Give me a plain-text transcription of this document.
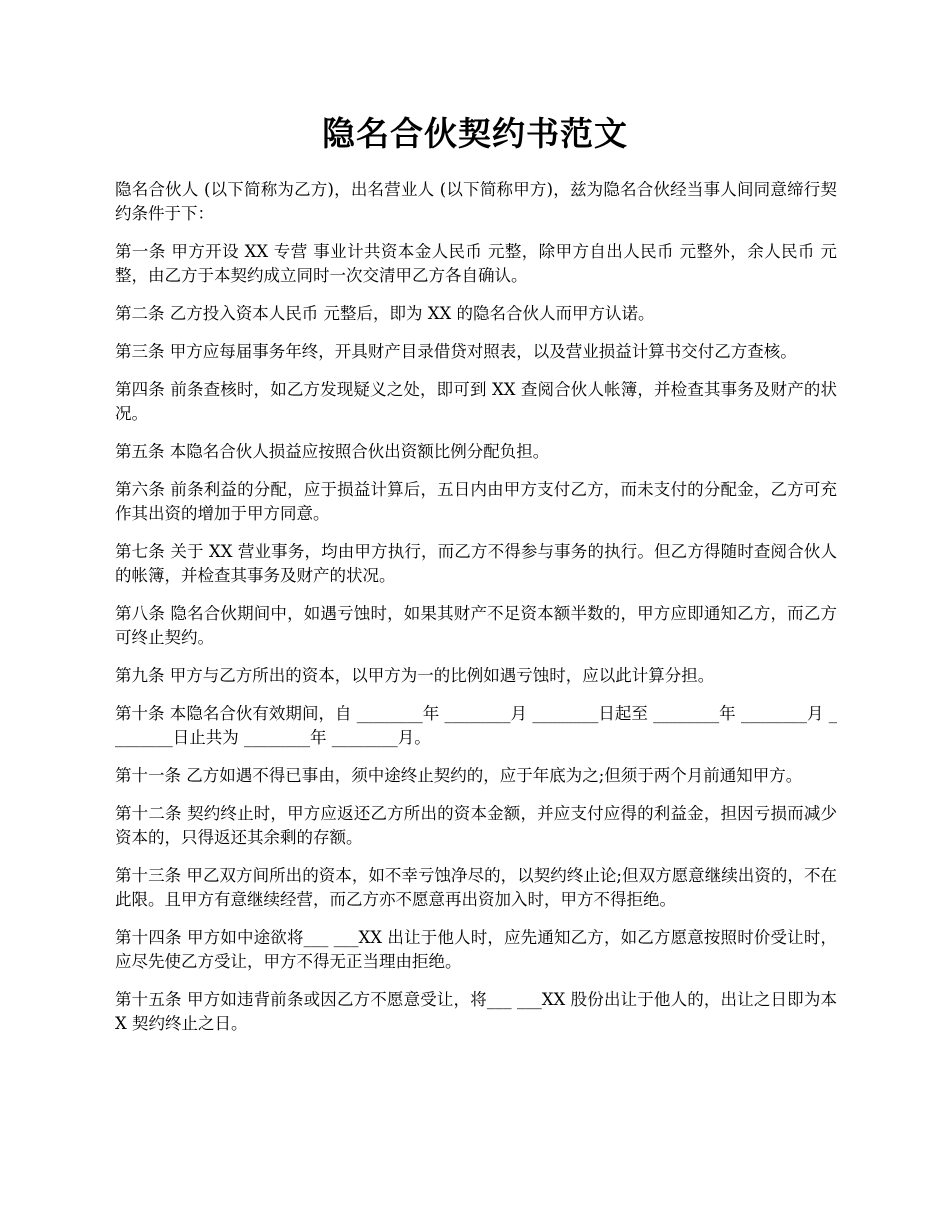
隐名合伙契约书范文

隐名合伙人 (以下简称为乙方)，出名营业人 (以下简称甲方)，兹为隐名合伙经当事人间同意缔行契约条件于下：

第一条 甲方开设 XX 专营 事业计共资本金人民币 元整，除甲方自出人民币 元整外，余人民币 元整，由乙方于本契约成立同时一次交清甲乙方各自确认。

第二条 乙方投入资本人民币 元整后，即为 XX 的隐名合伙人而甲方认诺。

第三条 甲方应每届事务年终，开具财产目录借贷对照表，以及营业损益计算书交付乙方查核。

第四条 前条查核时，如乙方发现疑义之处，即可到 XX 查阅合伙人帐簿，并检查其事务及财产的状况。

第五条 本隐名合伙人损益应按照合伙出资额比例分配负担。

第六条 前条利益的分配，应于损益计算后，五日内由甲方支付乙方，而未支付的分配金，乙方可充作其出资的增加于甲方同意。

第七条 关于 XX 营业事务，均由甲方执行，而乙方不得参与事务的执行。但乙方得随时查阅合伙人的帐簿，并检查其事务及财产的状况。

第八条 隐名合伙期间中，如遇亏蚀时，如果其财产不足资本额半数的，甲方应即通知乙方，而乙方可终止契约。

第九条 甲方与乙方所出的资本，以甲方为一的比例如遇亏蚀时，应以此计算分担。

第十条 本隐名合伙有效期间，自 ________年 ________月 ________日起至 ________年 ________月 ________日止共为 ________年 ________月。

第十一条 乙方如遇不得已事由，须中途终止契约的，应于年底为之;但须于两个月前通知甲方。

第十二条 契约终止时，甲方应返还乙方所出的资本金额，并应支付应得的利益金，担因亏损而减少资本的，只得返还其余剩的存额。

第十三条 甲乙双方间所出的资本，如不幸亏蚀净尽的，以契约终止论;但双方愿意继续出资的，不在此限。且甲方有意继续经营，而乙方亦不愿意再出资加入时，甲方不得拒绝。

第十四条 甲方如中途欲将___ ___XX 出让于他人时，应先通知乙方，如乙方愿意按照时价受让时，应尽先使乙方受让，甲方不得无正当理由拒绝。

第十五条 甲方如违背前条或因乙方不愿意受让，将___ ___XX 股份出让于他人的，出让之日即为本 X 契约终止之日。
